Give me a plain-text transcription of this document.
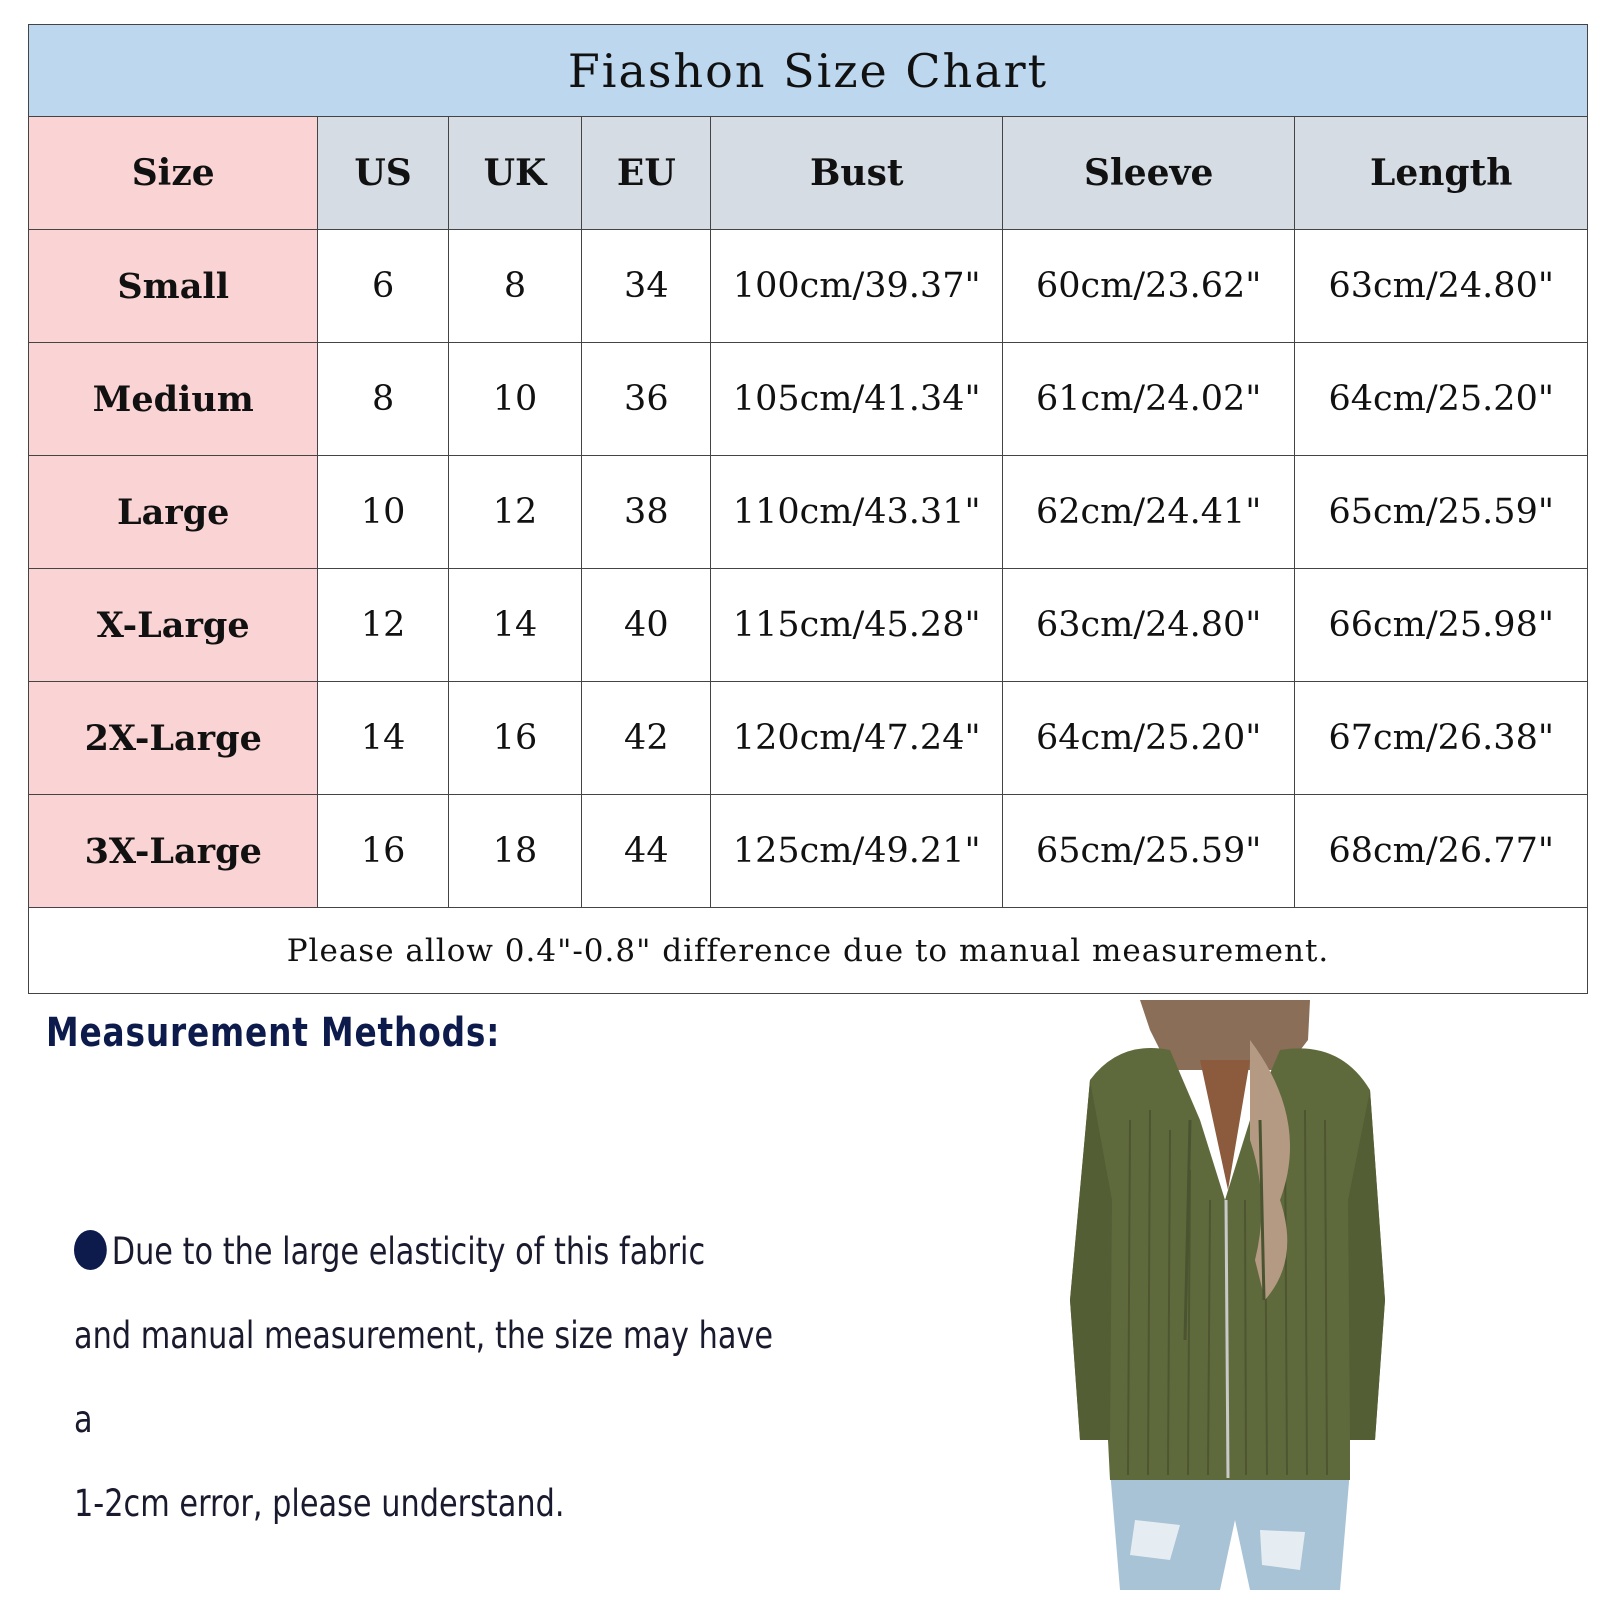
Fiashon Size Chart						
Size	US	UK	EU	Bust	Sleeve	Length
Small	6	8	34	100cm/39.37"	60cm/23.62"	63cm/24.80"
Medium	8	10	36	105cm/41.34"	61cm/24.02"	64cm/25.20"
Large	10	12	38	110cm/43.31"	62cm/24.41"	65cm/25.59"
X-Large	12	14	40	115cm/45.28"	63cm/24.80"	66cm/25.98"
2X-Large	14	16	42	120cm/47.24"	64cm/25.20"	67cm/26.38"
3X-Large	16	18	44	125cm/49.21"	65cm/25.59"	68cm/26.77"
Please allow 0.4"-0.8" difference due to manual measurement.						
Measurement Methods:
Due to the large elasticity of this fabric
and manual measurement, the size may have a
1-2cm error, please understand.
